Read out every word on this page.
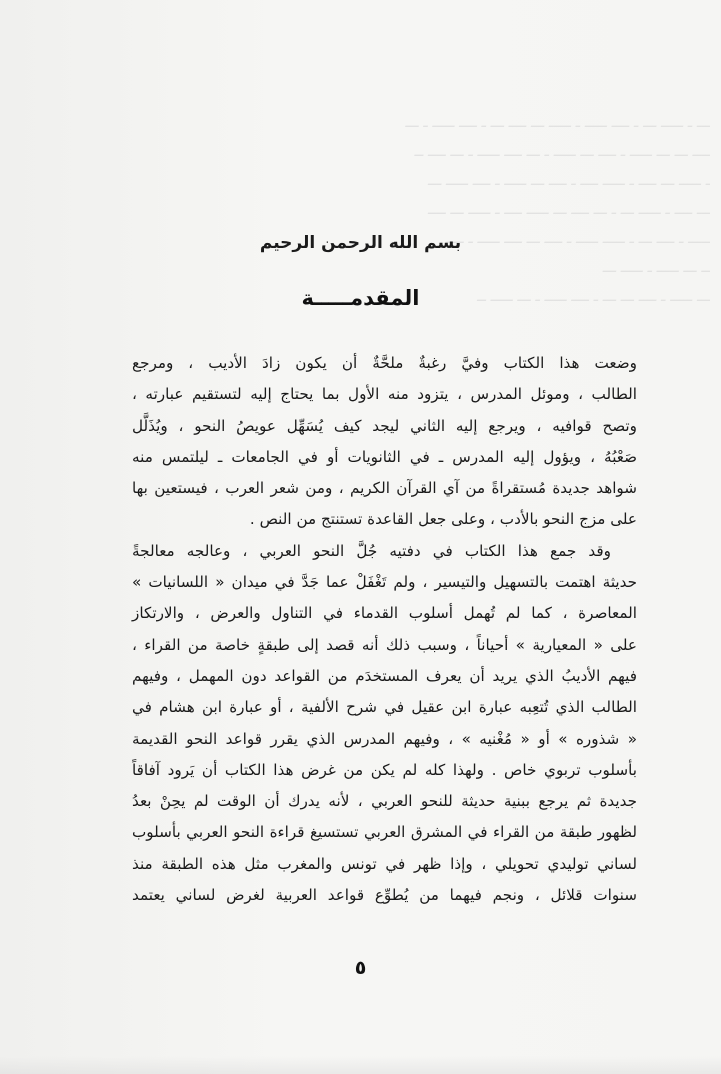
ـــ ـ ـــــ ـــ ـ ــــ ـــــ ـ ـــــ ـــ ــــ ـــ ـ ــــ ـــــ ـ ـــ
ــــ ـــ ـــ ـــــ ـ ــــ ـــ ـــــ ـ ـــ ــــ ـــــ ـ ـــ ــــ ــ
ـ ـــــ ـــ ــــ ـ ـــــ ــــ ـ ــــ ـــ ـــــ ـ ــــ ـــــ ـــ
ـــ ــــ ـ ـــــ ـــ ـ ـــ ــــ ـــ ـــــ ــــ ـ ـــــ ـــ ــــ
ـــــ ـ ــــ ـــ ـ ـــــ ـــــ ـ ــــ ـــ ــــ ـــــ ـ ــــ
ــ ـــ ـــــ ـ ـــــ ـــ
ـــ ـــــ ـ ــــ ـــ ـــ ـ ــــ ـــــ ـ ـــ ـــــ ــ
بسم الله الرحمن الرحيم
المقدمـــــة
وضعت هذا الكتاب وفيَّ رغبةٌ ملحَّةٌ أن يكون زادَ الأديب ، ومرجع
الطالب ، وموئل المدرس ، يتزود منه الأول بما يحتاج إليه لتستقيم عبارته ،
وتصح قوافيه ، ويرجع إليه الثاني ليجد كيف يُسَهِّل عويصُ النحو ، ويُذَلَّل
صَعْبُهُ ، ويؤول إليه المدرس ـ في الثانويات أو في الجامعات ـ ليلتمس منه
شواهد جديدة مُستقراةً من آي القرآن الكريم ، ومن شعر العرب ، فيستعين بها
على مزج النحو بالأدب ، وعلى جعل القاعدة تستنتج من النص .
وقد جمع هذا الكتاب في دفتيه جُلَّ النحو العربي ، وعالجه معالجةً
حديثة اهتمت بالتسهيل والتيسير ، ولم تَغْفَلْ عما جَدَّ في ميدان « اللسانيات »
المعاصرة ، كما لم تُهمل أسلوب القدماء في التناول والعرض ، والارتكاز
على « المعيارية » أحياناً ، وسبب ذلك أنه قصد إلى طبقةٍ خاصة من القراء ،
فيهم الأديبُ الذي يريد أن يعرف المستخدَم من القواعد دون المهمل ، وفيهم
الطالب الذي تُتعِبه عبارة ابن عقيل في شرح الألفية ، أو عبارة ابن هشام في
« شذوره » أو « مُغْنيه » ، وفيهم المدرس الذي يقرر قواعد النحو القديمة
بأسلوب تربوي خاص . ولهذا كله لم يكن من غرض هذا الكتاب أن يَرود آفاقاً
جديدة ثم يرجع ببنية حديثة للنحو العربي ، لأنه يدرك أن الوقت لم يحِنْ بعدُ
لظهور طبقة من القراء في المشرق العربي تستسيغ قراءة النحو العربي بأسلوب
لساني توليدي تحويلي ، وإذا ظهر في تونس والمغرب مثل هذه الطبقة منذ
سنوات قلائل ، ونجم فيهما من يُطوِّع قواعد العربية لغرض لساني يعتمد
٥
